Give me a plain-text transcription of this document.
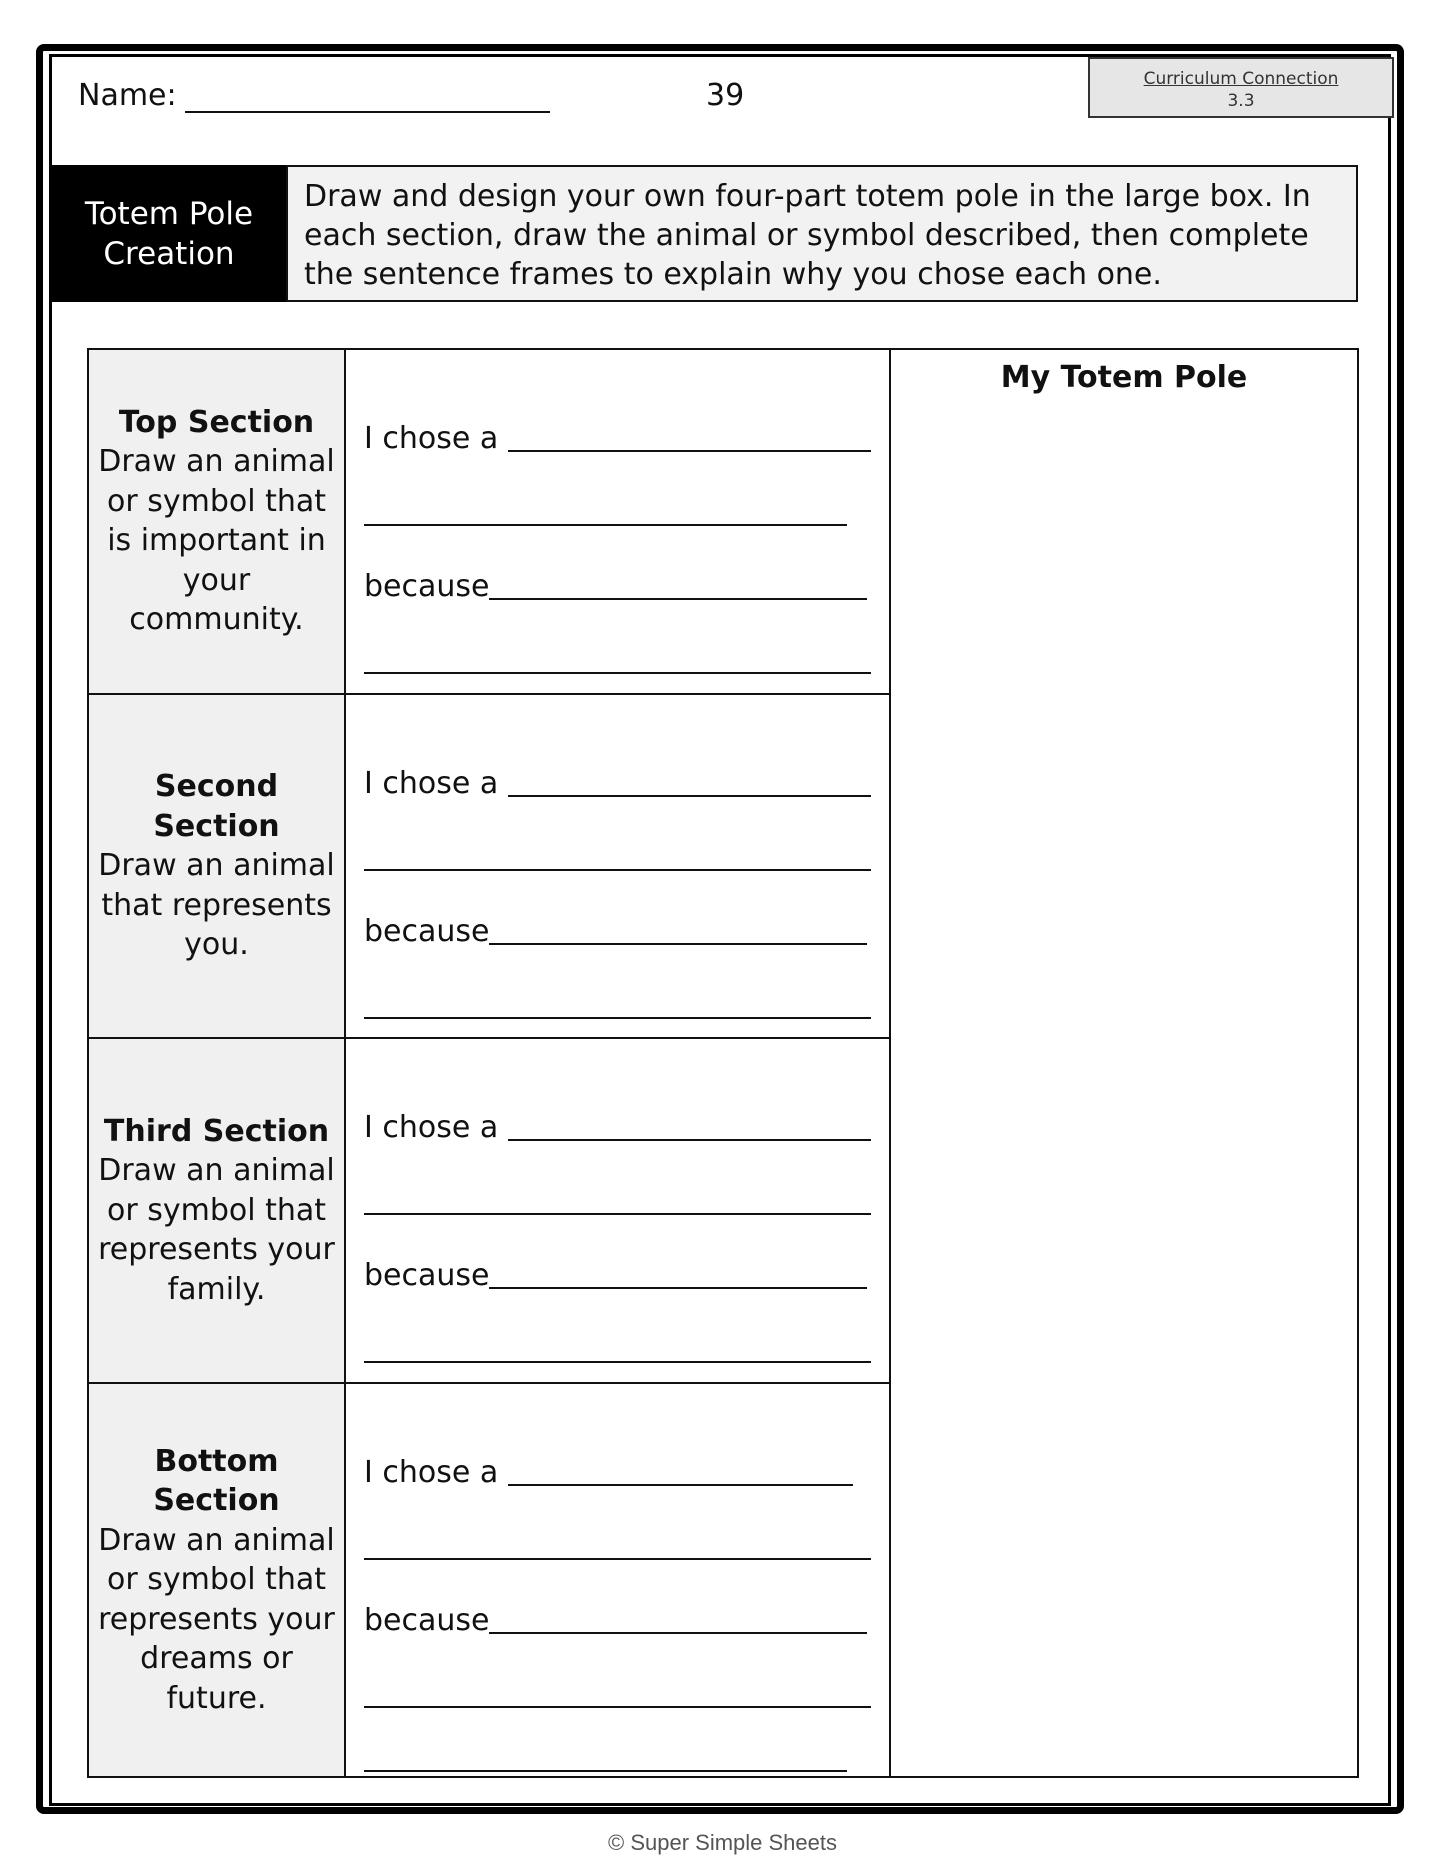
Name:	39	Curriculum Connection
3.3
Totem Pole
Creation
Draw and design your own four-part totem pole in the large box. In each section, draw the animal or symbol described, then complete the sentence frames to explain why you chose each one.
Top Section
Draw an animal or symbol that is important in your community.
I chose a
because
Second Section
Draw an animal that represents you.
I chose a
because
Third Section
Draw an animal or symbol that represents your family.
I chose a
because
Bottom Section
Draw an animal or symbol that represents your dreams or future.
I chose a
because
My Totem Pole
© Super Simple Sheets
